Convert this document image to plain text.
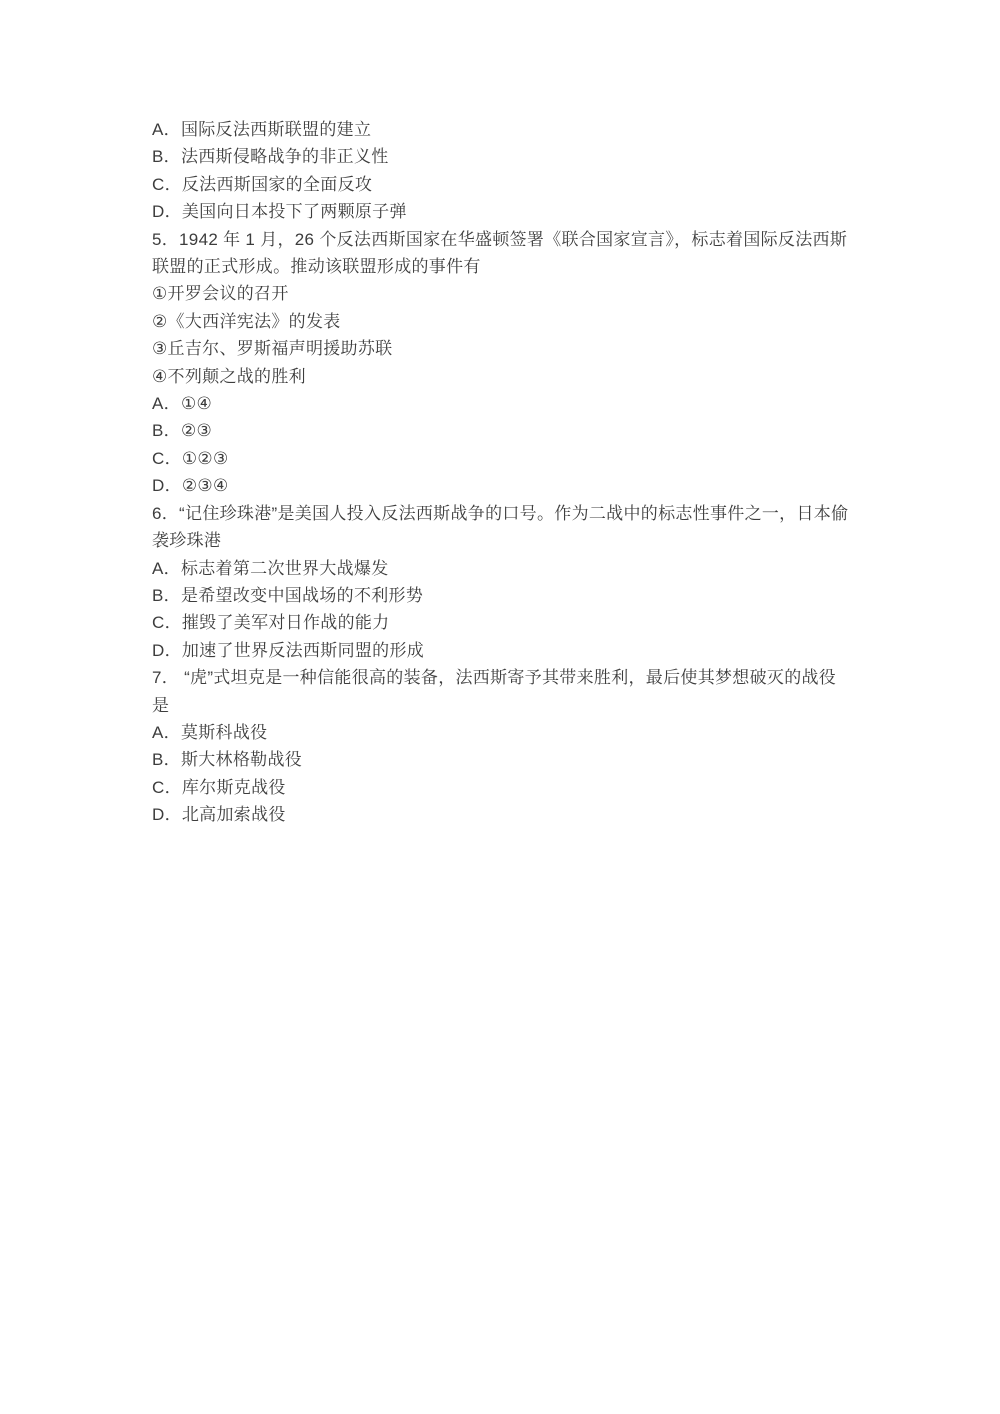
A．国际反法西斯联盟的建立

B．法西斯侵略战争的非正义性

C．反法西斯国家的全面反攻

D．美国向日本投下了两颗原子弹

5．1942 年 1 月，26 个反法西斯国家在华盛顿签署《联合国家宣言》，标志着国际反法西斯联盟的正式形成。推动该联盟形成的事件有

①开罗会议的召开

②《大西洋宪法》的发表

③丘吉尔、罗斯福声明援助苏联

④不列颠之战的胜利

A．①④

B．②③

C．①②③

D．②③④

6．“记住珍珠港”是美国人投入反法西斯战争的口号。作为二战中的标志性事件之一，日本偷袭珍珠港

A．标志着第二次世界大战爆发

B．是希望改变中国战场的不利形势

C．摧毁了美军对日作战的能力

D．加速了世界反法西斯同盟的形成

7． “虎”式坦克是一种信能很高的装备，法西斯寄予其带来胜利，最后使其梦想破灭的战役是

A．莫斯科战役

B．斯大林格勒战役

C．库尔斯克战役

D．北高加索战役
